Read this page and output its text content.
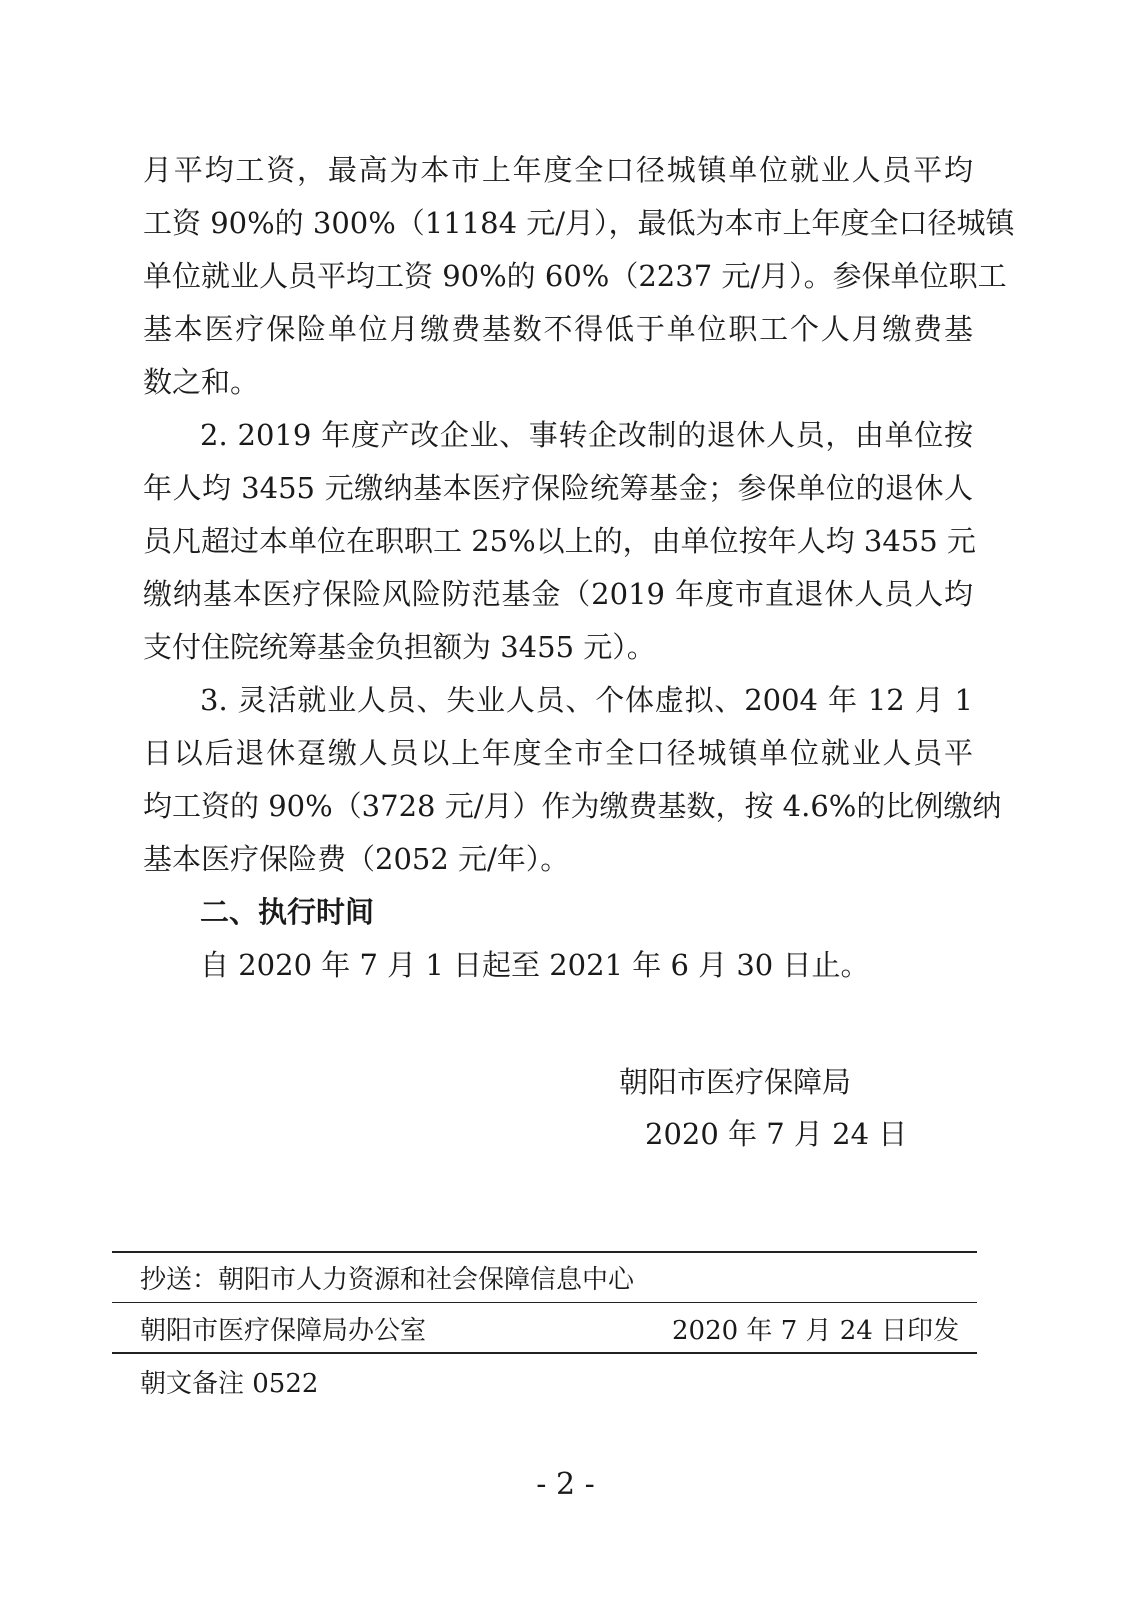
月平均工资，最高为本市上年度全口径城镇单位就业人员平均
工资 90%的 300%（11184 元/月），最低为本市上年度全口径城镇
单位就业人员平均工资 90%的 60%（2237 元/月）。参保单位职工
基本医疗保险单位月缴费基数不得低于单位职工个人月缴费基
数之和。
2. 2019 年度产改企业、事转企改制的退休人员，由单位按
年人均 3455 元缴纳基本医疗保险统筹基金；参保单位的退休人
员凡超过本单位在职职工 25%以上的，由单位按年人均 3455 元
缴纳基本医疗保险风险防范基金（2019 年度市直退休人员人均
支付住院统筹基金负担额为 3455 元）。
3. 灵活就业人员、失业人员、个体虚拟、2004 年 12 月 1
日以后退休趸缴人员以上年度全市全口径城镇单位就业人员平
均工资的 90%（3728 元/月）作为缴费基数，按 4.6%的比例缴纳
基本医疗保险费（2052 元/年）。
二、执行时间
自 2020 年 7 月 1 日起至 2021 年 6 月 30 日止。
朝阳市医疗保障局
2020 年 7 月 24 日
抄送：朝阳市人力资源和社会保障信息中心
朝阳市医疗保障局办公室	2020 年 7 月 24 日印发
朝文备注 0522
- 2 -
